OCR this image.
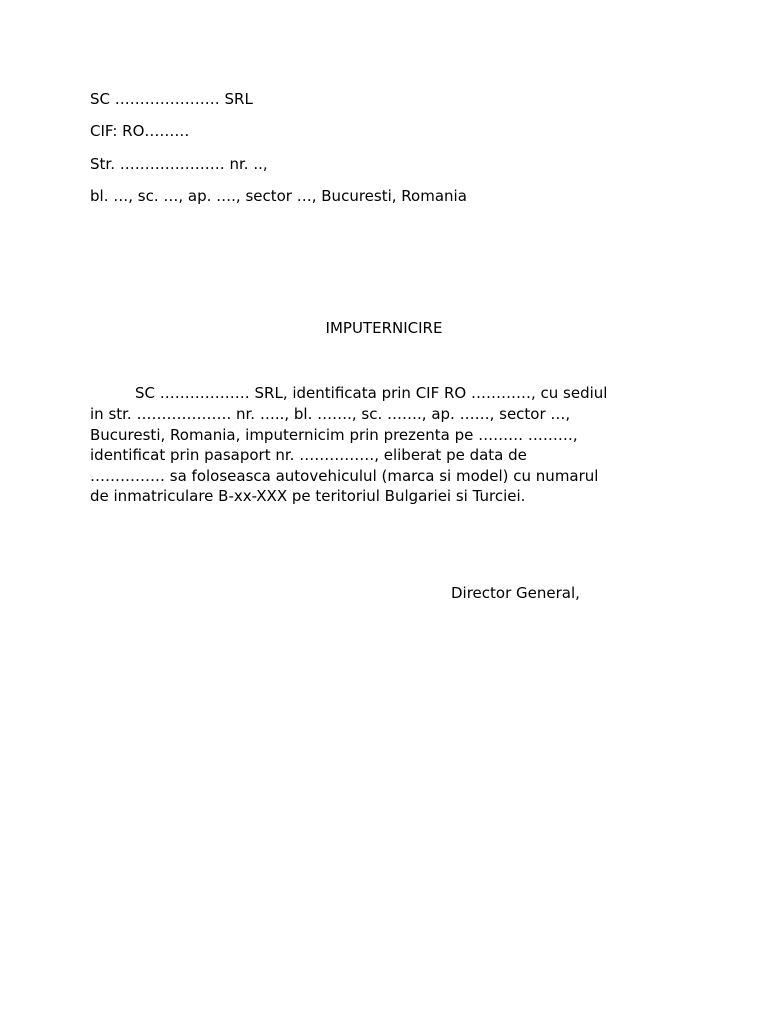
SC ………………… SRL
CIF: RO………
Str. ………………… nr. ..,
bl. …, sc. …, ap. …., sector …, Bucuresti, Romania
IMPUTERNICIRE
SC ……………… SRL, identificata prin CIF RO …………, cu sediul
in str. ………………. nr. ….., bl. ……., sc. ……., ap. ……, sector …,
Bucuresti, Romania, imputernicim prin prezenta pe ……… ………,
identificat prin pasaport nr. ……………, eliberat pe data de
…………… sa foloseasca autovehiculul (marca si model) cu numarul
de inmatriculare B-xx-XXX pe teritoriul Bulgariei si Turciei.
Director General,
